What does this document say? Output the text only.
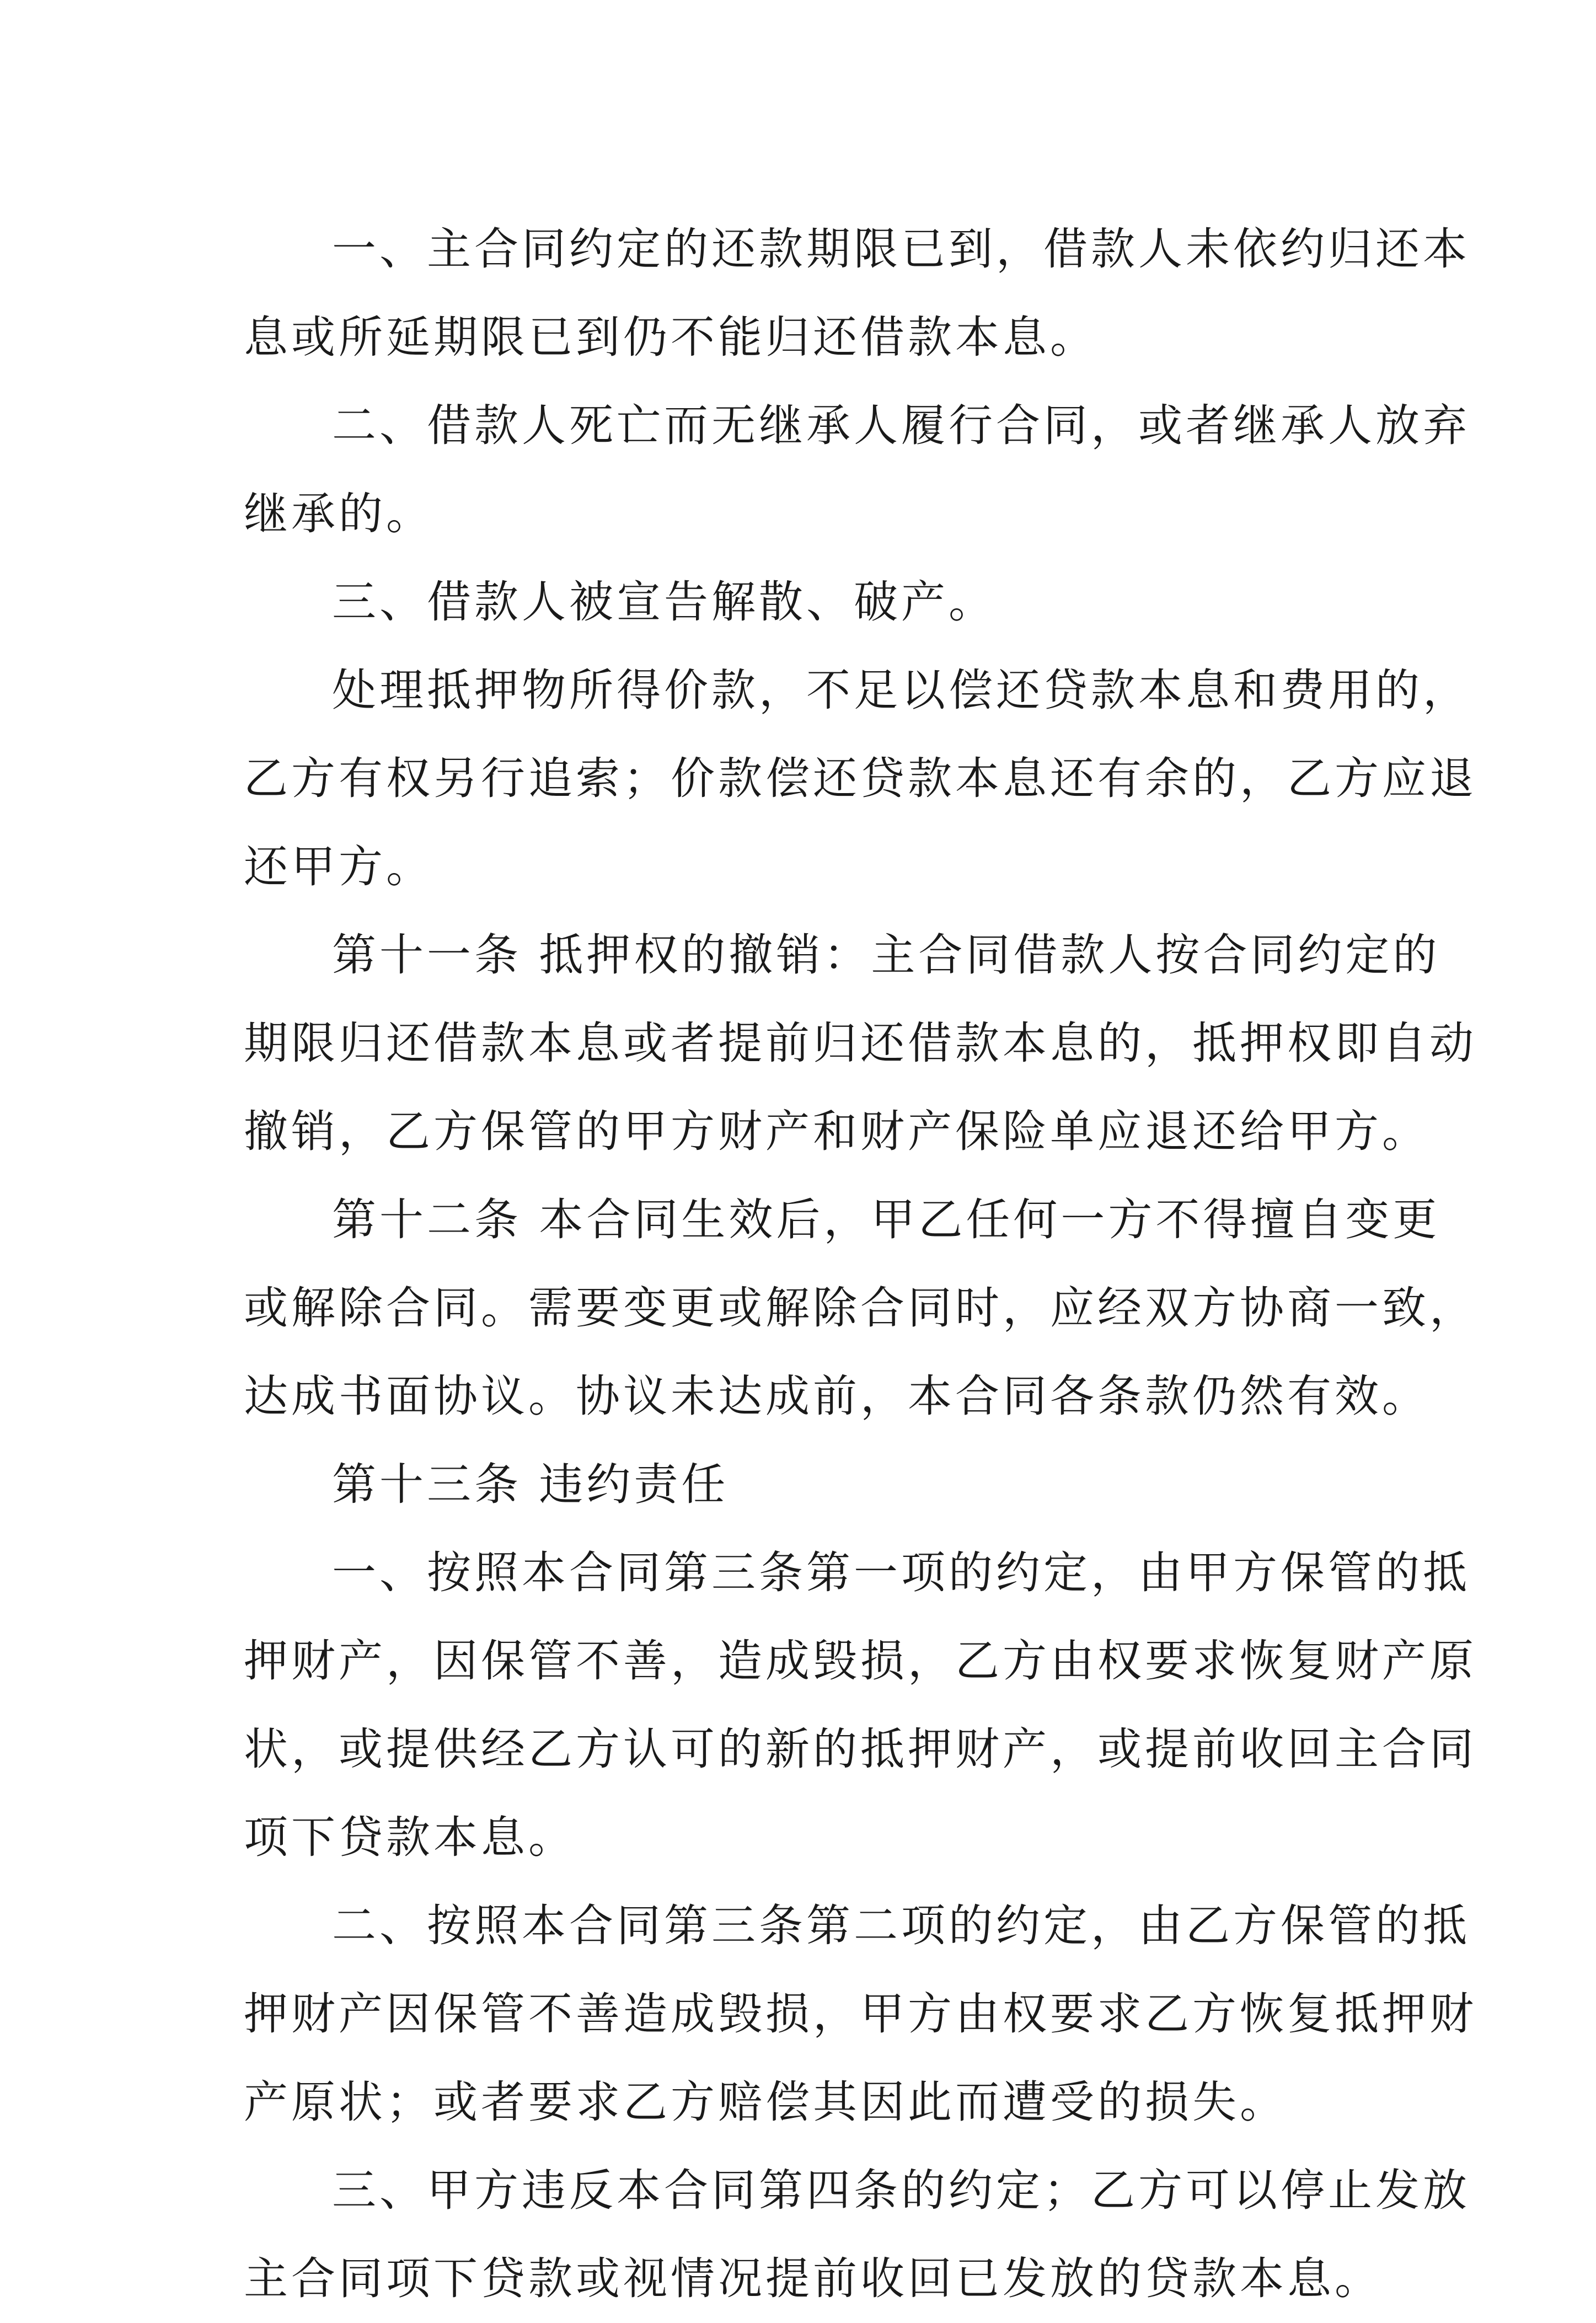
一、主合同约定的还款期限已到，借款人未依约归还本
息或所延期限已到仍不能归还借款本息。
二、借款人死亡而无继承人履行合同，或者继承人放弃
继承的。
三、借款人被宣告解散、破产。
处理抵押物所得价款，不足以偿还贷款本息和费用的，
乙方有权另行追索；价款偿还贷款本息还有余的，乙方应退
还甲方。
第十一条 抵押权的撤销：主合同借款人按合同约定的
期限归还借款本息或者提前归还借款本息的，抵押权即自动
撤销，乙方保管的甲方财产和财产保险单应退还给甲方。
第十二条 本合同生效后，甲乙任何一方不得擅自变更
或解除合同。需要变更或解除合同时，应经双方协商一致，
达成书面协议。协议未达成前，本合同各条款仍然有效。
第十三条 违约责任
一、按照本合同第三条第一项的约定，由甲方保管的抵
押财产，因保管不善，造成毁损，乙方由权要求恢复财产原
状，或提供经乙方认可的新的抵押财产，或提前收回主合同
项下贷款本息。
二、按照本合同第三条第二项的约定，由乙方保管的抵
押财产因保管不善造成毁损，甲方由权要求乙方恢复抵押财
产原状；或者要求乙方赔偿其因此而遭受的损失。
三、甲方违反本合同第四条的约定；乙方可以停止发放
主合同项下贷款或视情况提前收回已发放的贷款本息。
